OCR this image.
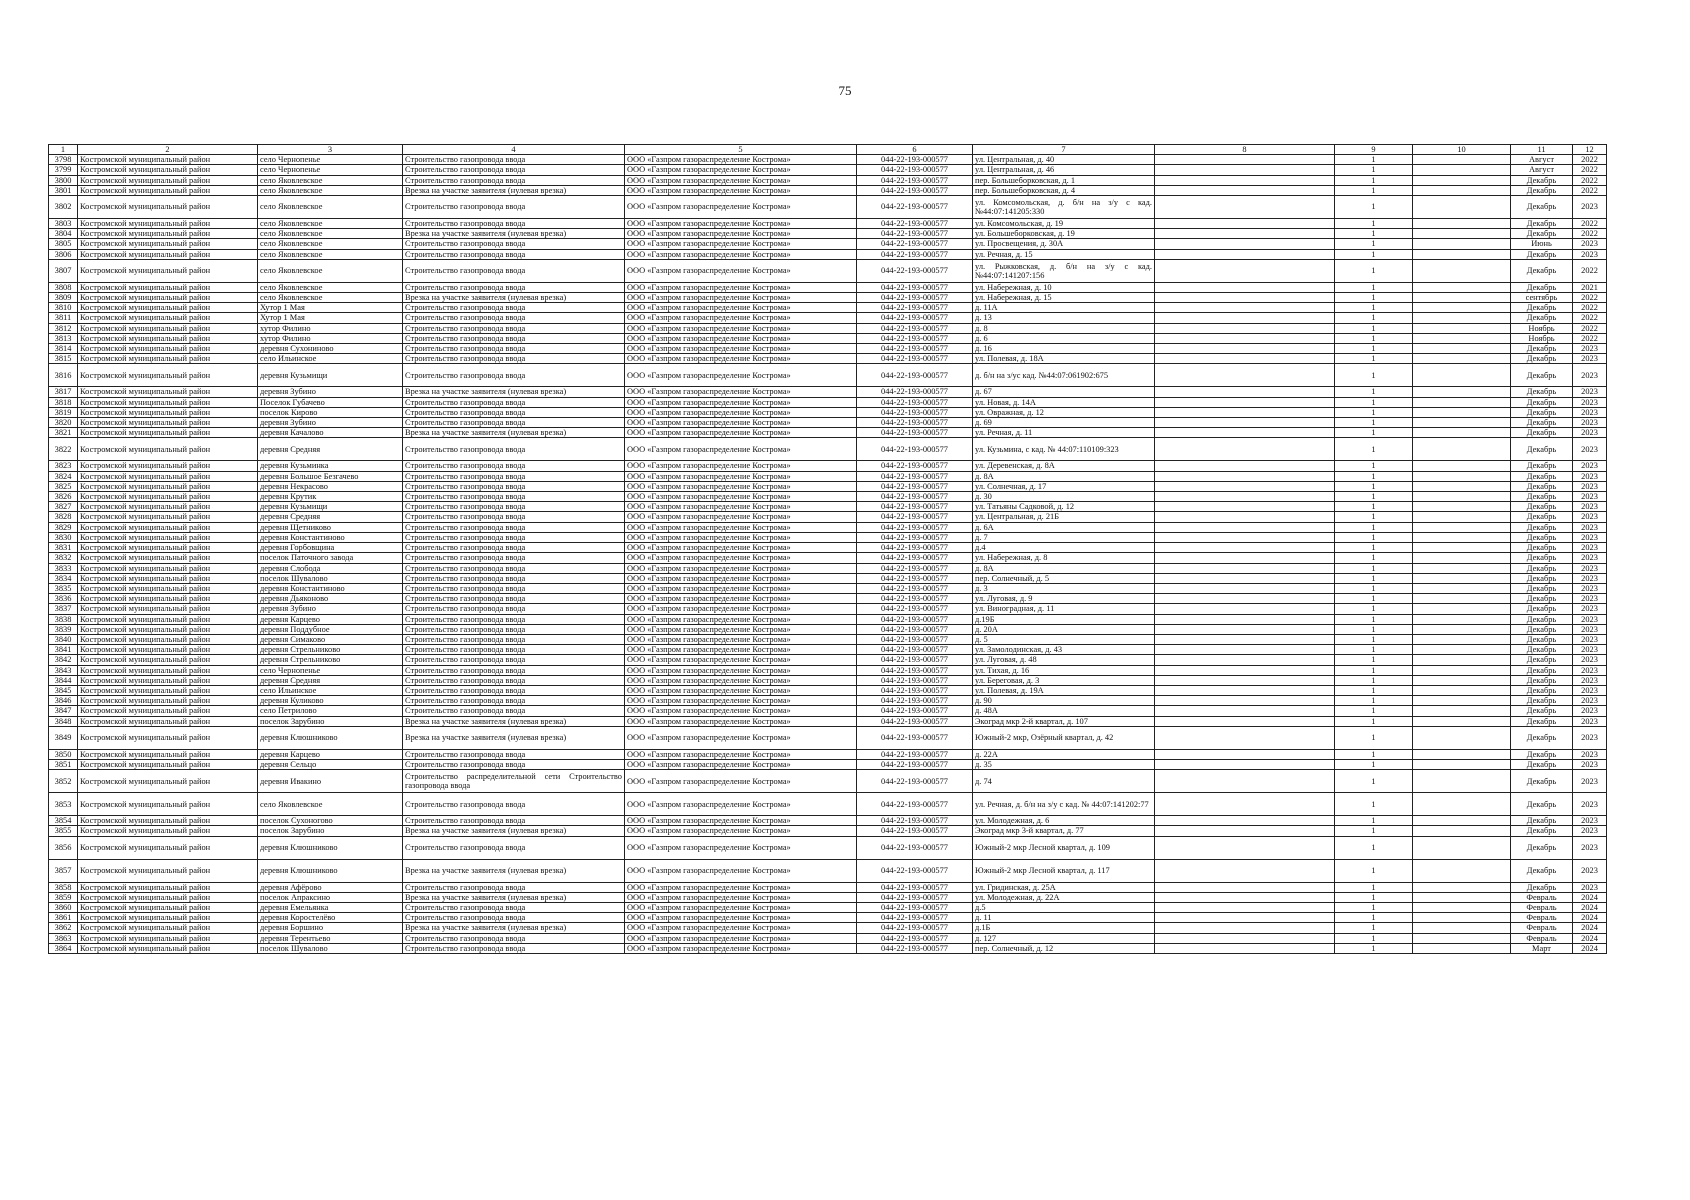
75
1	2	3	4	5	6	7	8	9	10	11	12
3798	Костромской муниципальный район	село Чернопенье	Строительство газопровода ввода	ООО «Газпром газораспределение Кострома»	044-22-193-000577	ул. Центральная, д. 40		1		Август	2022
3799	Костромской муниципальный район	село Чернопенье	Строительство газопровода ввода	ООО «Газпром газораспределение Кострома»	044-22-193-000577	ул. Центральная, д. 46		1		Август	2022
3800	Костромской муниципальный район	село Яковлевское	Строительство газопровода ввода	ООО «Газпром газораспределение Кострома»	044-22-193-000577	пер. Большеборковская, д. 1		1		Декабрь	2022
3801	Костромской муниципальный район	село Яковлевское	Врезка на участке заявителя (нулевая врезка)	ООО «Газпром газораспределение Кострома»	044-22-193-000577	пер. Большеборковская, д. 4		1		Декабрь	2022
3802	Костромской муниципальный район	село Яковлевское	Строительство газопровода ввода	ООО «Газпром газораспределение Кострома»	044-22-193-000577	ул. Комсомольская, д. б/н на з/у с кад. №44:07:141205:330		1		Декабрь	2023
3803	Костромской муниципальный район	село Яковлевское	Строительство газопровода ввода	ООО «Газпром газораспределение Кострома»	044-22-193-000577	ул. Комсомольская, д. 19		1		Декабрь	2022
3804	Костромской муниципальный район	село Яковлевское	Врезка на участке заявителя (нулевая врезка)	ООО «Газпром газораспределение Кострома»	044-22-193-000577	ул. Большеборковская, д. 19		1		Декабрь	2022
3805	Костромской муниципальный район	село Яковлевское	Строительство газопровода ввода	ООО «Газпром газораспределение Кострома»	044-22-193-000577	ул. Просвещения, д. 30А		1		Июнь	2023
3806	Костромской муниципальный район	село Яковлевское	Строительство газопровода ввода	ООО «Газпром газораспределение Кострома»	044-22-193-000577	ул. Речная, д. 15		1		Декабрь	2023
3807	Костромской муниципальный район	село Яковлевское	Строительство газопровода ввода	ООО «Газпром газораспределение Кострома»	044-22-193-000577	ул. Рыжковская, д. б/н на з/у с кад. №44:07:141207:156		1		Декабрь	2022
3808	Костромской муниципальный район	село Яковлевское	Строительство газопровода ввода	ООО «Газпром газораспределение Кострома»	044-22-193-000577	ул. Набережная, д. 10		1		Декабрь	2021
3809	Костромской муниципальный район	село Яковлевское	Врезка на участке заявителя (нулевая врезка)	ООО «Газпром газораспределение Кострома»	044-22-193-000577	ул. Набережная, д. 15		1		сентябрь	2022
3810	Костромской муниципальный район	Хутор 1 Мая	Строительство газопровода ввода	ООО «Газпром газораспределение Кострома»	044-22-193-000577	д. 11А		1		Декабрь	2022
3811	Костромской муниципальный район	Хутор 1 Мая	Строительство газопровода ввода	ООО «Газпром газораспределение Кострома»	044-22-193-000577	д. 13		1		Декабрь	2022
3812	Костромской муниципальный район	хутор Филино	Строительство газопровода ввода	ООО «Газпром газораспределение Кострома»	044-22-193-000577	д. 8		1		Ноябрь	2022
3813	Костромской муниципальный район	хутор Филино	Строительство газопровода ввода	ООО «Газпром газораспределение Кострома»	044-22-193-000577	д. 6		1		Ноябрь	2022
3814	Костромской муниципальный район	деревня Сухониново	Строительство газопровода ввода	ООО «Газпром газораспределение Кострома»	044-22-193-000577	д. 16		1		Декабрь	2023
3815	Костромской муниципальный район	село Ильинское	Строительство газопровода ввода	ООО «Газпром газораспределение Кострома»	044-22-193-000577	ул. Полевая, д. 18А		1		Декабрь	2023
3816	Костромской муниципальный район	деревня Кузьмищи	Строительство газопровода ввода	ООО «Газпром газораспределение Кострома»	044-22-193-000577	д. б/н на з/ус кад. №44:07:061902:675		1		Декабрь	2023
3817	Костромской муниципальный район	деревня Зубино	Врезка на участке заявителя (нулевая врезка)	ООО «Газпром газораспределение Кострома»	044-22-193-000577	д. 67		1		Декабрь	2023
3818	Костромской муниципальный район	Поселок Губачево	Строительство газопровода ввода	ООО «Газпром газораспределение Кострома»	044-22-193-000577	ул. Новая, д. 14А		1		Декабрь	2023
3819	Костромской муниципальный район	поселок Кирово	Строительство газопровода ввода	ООО «Газпром газораспределение Кострома»	044-22-193-000577	ул. Овражная, д. 12		1		Декабрь	2023
3820	Костромской муниципальный район	деревня Зубино	Строительство газопровода ввода	ООО «Газпром газораспределение Кострома»	044-22-193-000577	д. 69		1		Декабрь	2023
3821	Костромской муниципальный район	деревня Качалово	Врезка на участке заявителя (нулевая врезка)	ООО «Газпром газораспределение Кострома»	044-22-193-000577	ул. Речная, д. 11		1		Декабрь	2023
3822	Костромской муниципальный район	деревня Средняя	Строительство газопровода ввода	ООО «Газпром газораспределение Кострома»	044-22-193-000577	ул. Кузьмина, с кад. № 44:07:110109:323		1		Декабрь	2023
3823	Костромской муниципальный район	деревня Кузьминка	Строительство газопровода ввода	ООО «Газпром газораспределение Кострома»	044-22-193-000577	ул. Деревенская, д. 8А		1		Декабрь	2023
3824	Костромской муниципальный район	деревня Большое Безгачево	Строительство газопровода ввода	ООО «Газпром газораспределение Кострома»	044-22-193-000577	д. 8А		1		Декабрь	2023
3825	Костромской муниципальный район	деревня Некрасово	Строительство газопровода ввода	ООО «Газпром газораспределение Кострома»	044-22-193-000577	ул. Солнечная, д. 17		1		Декабрь	2023
3826	Костромской муниципальный район	деревня Крутик	Строительство газопровода ввода	ООО «Газпром газораспределение Кострома»	044-22-193-000577	д. 30		1		Декабрь	2023
3827	Костромской муниципальный район	деревня Кузьмищи	Строительство газопровода ввода	ООО «Газпром газораспределение Кострома»	044-22-193-000577	ул. Татьяны Садковой, д. 12		1		Декабрь	2023
3828	Костромской муниципальный район	деревня Средняя	Строительство газопровода ввода	ООО «Газпром газораспределение Кострома»	044-22-193-000577	ул. Центральная, д. 21Б		1		Декабрь	2023
3829	Костромской муниципальный район	деревня Щетниково	Строительство газопровода ввода	ООО «Газпром газораспределение Кострома»	044-22-193-000577	д. 6А		1		Декабрь	2023
3830	Костромской муниципальный район	деревня Константиново	Строительство газопровода ввода	ООО «Газпром газораспределение Кострома»	044-22-193-000577	д. 7		1		Декабрь	2023
3831	Костромской муниципальный район	деревня Горбовщина	Строительство газопровода ввода	ООО «Газпром газораспределение Кострома»	044-22-193-000577	д.4		1		Декабрь	2023
3832	Костромской муниципальный район	поселок Паточного завода	Строительство газопровода ввода	ООО «Газпром газораспределение Кострома»	044-22-193-000577	ул. Набережная, д. 8		1		Декабрь	2023
3833	Костромской муниципальный район	деревня Слобода	Строительство газопровода ввода	ООО «Газпром газораспределение Кострома»	044-22-193-000577	д. 8А		1		Декабрь	2023
3834	Костромской муниципальный район	поселок Шувалово	Строительство газопровода ввода	ООО «Газпром газораспределение Кострома»	044-22-193-000577	пер. Солнечный, д. 5		1		Декабрь	2023
3835	Костромской муниципальный район	деревня Константиново	Строительство газопровода ввода	ООО «Газпром газораспределение Кострома»	044-22-193-000577	д. 3		1		Декабрь	2023
3836	Костромской муниципальный район	деревня Дьяконово	Строительство газопровода ввода	ООО «Газпром газораспределение Кострома»	044-22-193-000577	ул. Луговая, д. 9		1		Декабрь	2023
3837	Костромской муниципальный район	деревня Зубино	Строительство газопровода ввода	ООО «Газпром газораспределение Кострома»	044-22-193-000577	ул. Виноградная, д. 11		1		Декабрь	2023
3838	Костромской муниципальный район	деревня Карцево	Строительство газопровода ввода	ООО «Газпром газораспределение Кострома»	044-22-193-000577	д.19Б		1		Декабрь	2023
3839	Костромской муниципальный район	деревня Поддубное	Строительство газопровода ввода	ООО «Газпром газораспределение Кострома»	044-22-193-000577	д. 20А		1		Декабрь	2023
3840	Костромской муниципальный район	деревня Симаково	Строительство газопровода ввода	ООО «Газпром газораспределение Кострома»	044-22-193-000577	д. 5		1		Декабрь	2023
3841	Костромской муниципальный район	деревня Стрельниково	Строительство газопровода ввода	ООО «Газпром газораспределение Кострома»	044-22-193-000577	ул. Замолодинская, д. 43		1		Декабрь	2023
3842	Костромской муниципальный район	деревня Стрельниково	Строительство газопровода ввода	ООО «Газпром газораспределение Кострома»	044-22-193-000577	ул. Луговая, д. 48		1		Декабрь	2023
3843	Костромской муниципальный район	село Чернопенье	Строительство газопровода ввода	ООО «Газпром газораспределение Кострома»	044-22-193-000577	ул. Тихая, д. 16		1		Декабрь	2023
3844	Костромской муниципальный район	деревня Средняя	Строительство газопровода ввода	ООО «Газпром газораспределение Кострома»	044-22-193-000577	ул. Береговая, д. 3		1		Декабрь	2023
3845	Костромской муниципальный район	село Ильинское	Строительство газопровода ввода	ООО «Газпром газораспределение Кострома»	044-22-193-000577	ул. Полевая, д. 19А		1		Декабрь	2023
3846	Костромской муниципальный район	деревня Куликово	Строительство газопровода ввода	ООО «Газпром газораспределение Кострома»	044-22-193-000577	д. 90		1		Декабрь	2023
3847	Костромской муниципальный район	село Петрилово	Строительство газопровода ввода	ООО «Газпром газораспределение Кострома»	044-22-193-000577	д. 48А		1		Декабрь	2023
3848	Костромской муниципальный район	поселок Зарубино	Врезка на участке заявителя (нулевая врезка)	ООО «Газпром газораспределение Кострома»	044-22-193-000577	Экоград мкр 2-й квартал, д. 107		1		Декабрь	2023
3849	Костромской муниципальный район	деревня Клюшниково	Врезка на участке заявителя (нулевая врезка)	ООО «Газпром газораспределение Кострома»	044-22-193-000577	Южный-2 мкр, Озёрный квартал, д. 42		1		Декабрь	2023
3850	Костромской муниципальный район	деревня Карцево	Строительство газопровода ввода	ООО «Газпром газораспределение Кострома»	044-22-193-000577	д. 22А		1		Декабрь	2023
3851	Костромской муниципальный район	деревня Сельцо	Строительство газопровода ввода	ООО «Газпром газораспределение Кострома»	044-22-193-000577	д. 35		1		Декабрь	2023
3852	Костромской муниципальный район	деревня Ивакино	Строительство распределительной сети Строительство газопровода ввода	ООО «Газпром газораспределение Кострома»	044-22-193-000577	д. 74		1		Декабрь	2023
3853	Костромской муниципальный район	село Яковлевское	Строительство газопровода ввода	ООО «Газпром газораспределение Кострома»	044-22-193-000577	ул. Речная, д. б/н на з/у с кад. № 44:07:141202:77		1		Декабрь	2023
3854	Костромской муниципальный район	поселок Сухоногово	Строительство газопровода ввода	ООО «Газпром газораспределение Кострома»	044-22-193-000577	ул. Молодежная, д. 6		1		Декабрь	2023
3855	Костромской муниципальный район	поселок Зарубино	Врезка на участке заявителя (нулевая врезка)	ООО «Газпром газораспределение Кострома»	044-22-193-000577	Экоград мкр 3-й квартал, д. 77		1		Декабрь	2023
3856	Костромской муниципальный район	деревня Клюшниково	Строительство газопровода ввода	ООО «Газпром газораспределение Кострома»	044-22-193-000577	Южный-2 мкр Лесной квартал, д. 109		1		Декабрь	2023
3857	Костромской муниципальный район	деревня Клюшниково	Врезка на участке заявителя (нулевая врезка)	ООО «Газпром газораспределение Кострома»	044-22-193-000577	Южный-2 мкр Лесной квартал, д. 117		1		Декабрь	2023
3858	Костромской муниципальный район	деревня Афёрово	Строительство газопровода ввода	ООО «Газпром газораспределение Кострома»	044-22-193-000577	ул. Гридинская, д. 25А		1		Декабрь	2023
3859	Костромской муниципальный район	поселок Апраксино	Врезка на участке заявителя (нулевая врезка)	ООО «Газпром газораспределение Кострома»	044-22-193-000577	ул. Молодежная, д. 22А		1		Февраль	2024
3860	Костромской муниципальный район	деревня Емельянка	Строительство газопровода ввода	ООО «Газпром газораспределение Кострома»	044-22-193-000577	д.5		1		Февраль	2024
3861	Костромской муниципальный район	деревня Коростелёво	Строительство газопровода ввода	ООО «Газпром газораспределение Кострома»	044-22-193-000577	д. 11		1		Февраль	2024
3862	Костромской муниципальный район	деревня Боршино	Врезка на участке заявителя (нулевая врезка)	ООО «Газпром газораспределение Кострома»	044-22-193-000577	д.1Б		1		Февраль	2024
3863	Костромской муниципальный район	деревня Терентьево	Строительство газопровода ввода	ООО «Газпром газораспределение Кострома»	044-22-193-000577	д. 127		1		Февраль	2024
3864	Костромской муниципальный район	поселок Шувалово	Строительство газопровода ввода	ООО «Газпром газораспределение Кострома»	044-22-193-000577	пер. Солнечный, д. 12		1		Март	2024
